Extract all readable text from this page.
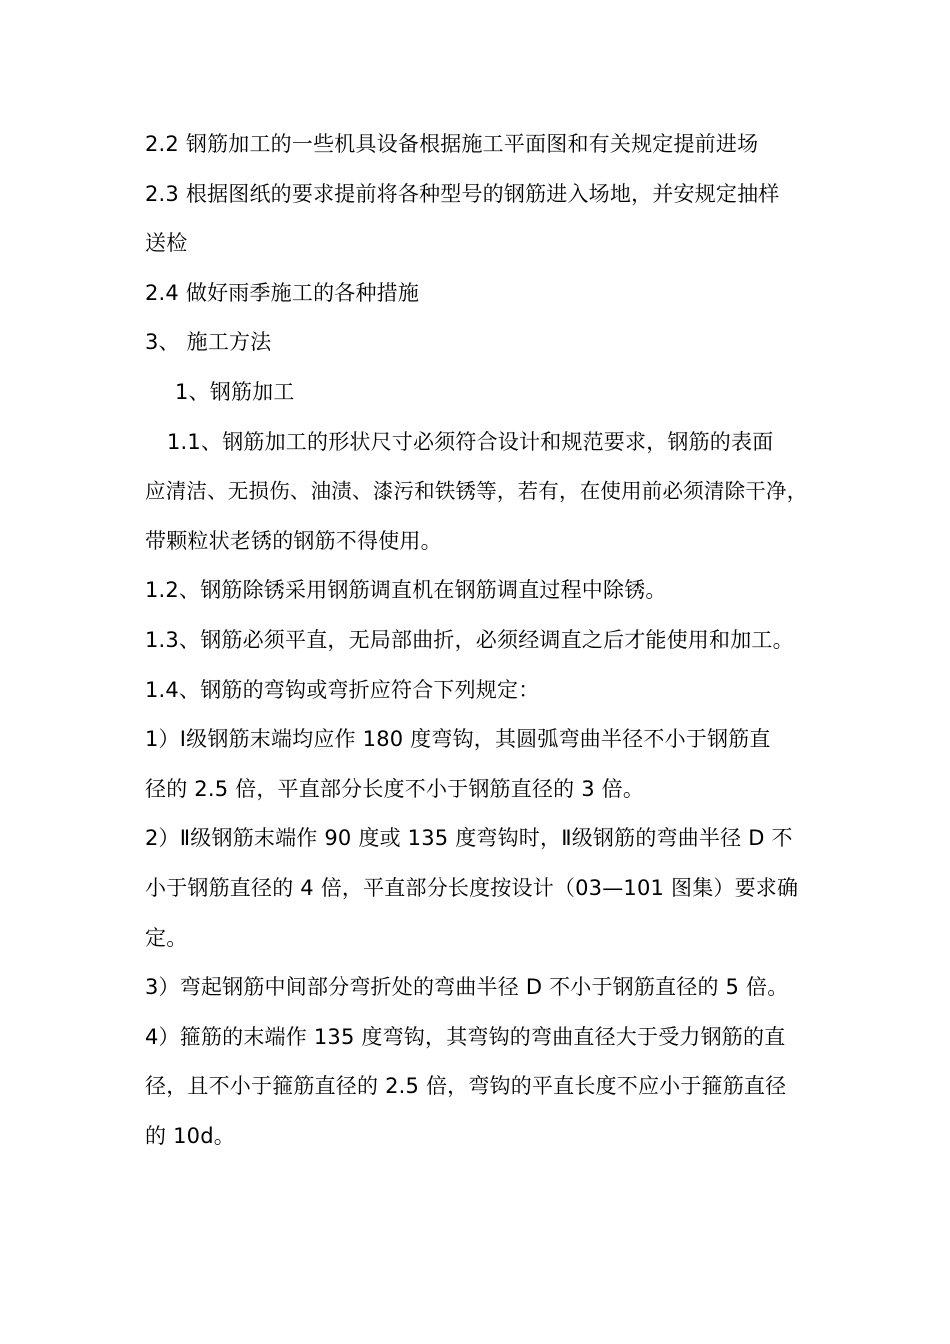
2.2 钢筋加工的一些机具设备根据施工平面图和有关规定提前进场
2.3 根据图纸的要求提前将各种型号的钢筋进入场地，并安规定抽样
送检
2.4 做好雨季施工的各种措施
3、 施工方法
1、钢筋加工
1.1、钢筋加工的形状尺寸必须符合设计和规范要求，钢筋的表面
应清洁、无损伤、油渍、漆污和铁锈等，若有，在使用前必须清除干净，
带颗粒状老锈的钢筋不得使用。
1.2、钢筋除锈采用钢筋调直机在钢筋调直过程中除锈。
1.3、钢筋必须平直，无局部曲折，必须经调直之后才能使用和加工。
1.4、钢筋的弯钩或弯折应符合下列规定：
1）Ⅰ级钢筋末端均应作 180 度弯钩，其圆弧弯曲半径不小于钢筋直
径的 2.5 倍，平直部分长度不小于钢筋直径的 3 倍。
2）Ⅱ级钢筋末端作 90 度或 135 度弯钩时，Ⅱ级钢筋的弯曲半径 D 不
小于钢筋直径的 4 倍，平直部分长度按设计（03—101 图集）要求确
定。
3）弯起钢筋中间部分弯折处的弯曲半径 D 不小于钢筋直径的 5 倍。
4）箍筋的末端作 135 度弯钩，其弯钩的弯曲直径大于受力钢筋的直
径，且不小于箍筋直径的 2.5 倍，弯钩的平直长度不应小于箍筋直径
的 10d。
